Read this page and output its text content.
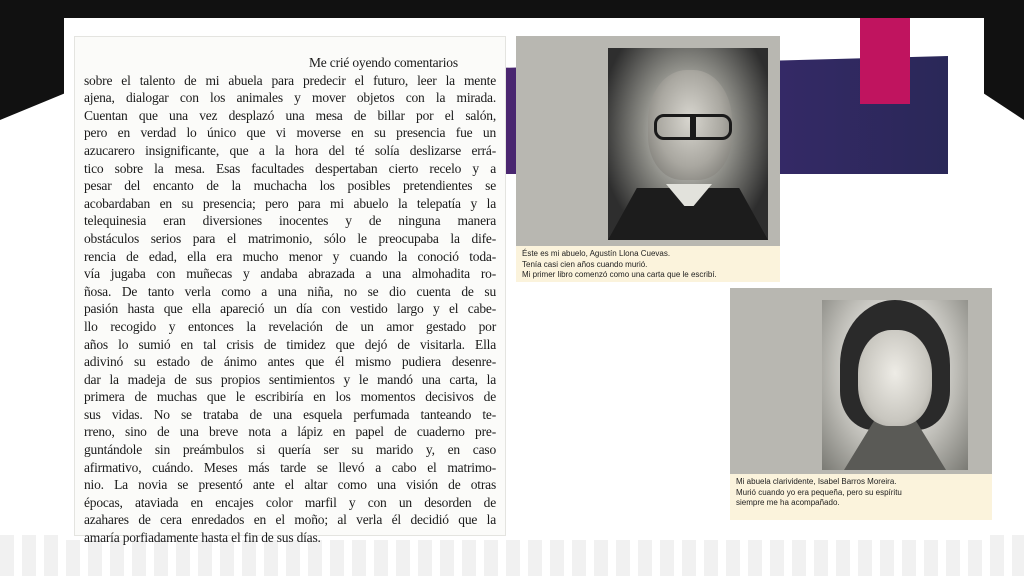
Me crié oyendo comentarios
sobre el talento de mi abuela para predecir el futuro, leer la mente
ajena, dialogar con los animales y mover objetos con la mirada.
Cuentan que una vez desplazó una mesa de billar por el salón,
pero en verdad lo único que vi moverse en su presencia fue un
azucarero insignificante, que a la hora del té solía deslizarse errá-
tico sobre la mesa. Esas facultades despertaban cierto recelo y a
pesar del encanto de la muchacha los posibles pretendientes se
acobardaban en su presencia; pero para mi abuelo la telepatía y la
telequinesia eran diversiones inocentes y de ninguna manera
obstáculos serios para el matrimonio, sólo le preocupaba la dife-
rencia de edad, ella era mucho menor y cuando la conoció toda-
vía jugaba con muñecas y andaba abrazada a una almohadita ro-
ñosa. De tanto verla como a una niña, no se dio cuenta de su
pasión hasta que ella apareció un día con vestido largo y el cabe-
llo recogido y entonces la revelación de un amor gestado por
años lo sumió en tal crisis de timidez que dejó de visitarla. Ella
adivinó su estado de ánimo antes que él mismo pudiera desenre-
dar la madeja de sus propios sentimientos y le mandó una carta, la
primera de muchas que le escribiría en los momentos decisivos de
sus vidas. No se trataba de una esquela perfumada tanteando te-
rreno, sino de una breve nota a lápiz en papel de cuaderno pre-
guntándole sin preámbulos si quería ser su marido y, en caso
afirmativo, cuándo. Meses más tarde se llevó a cabo el matrimo-
nio. La novia se presentó ante el altar como una visión de otras
épocas, ataviada en encajes color marfil y con un desorden de
azahares de cera enredados en el moño; al verla él decidió que la
amaría porfiadamente hasta el fin de sus días.
Éste es mi abuelo, Agustín Llona Cuevas.
Tenía casi cien años cuando murió.
Mi primer libro comenzó como una carta que le escribí.
Mi abuela clarividente, Isabel Barros Moreira.
Murió cuando yo era pequeña, pero su espíritu
siempre me ha acompañado.
